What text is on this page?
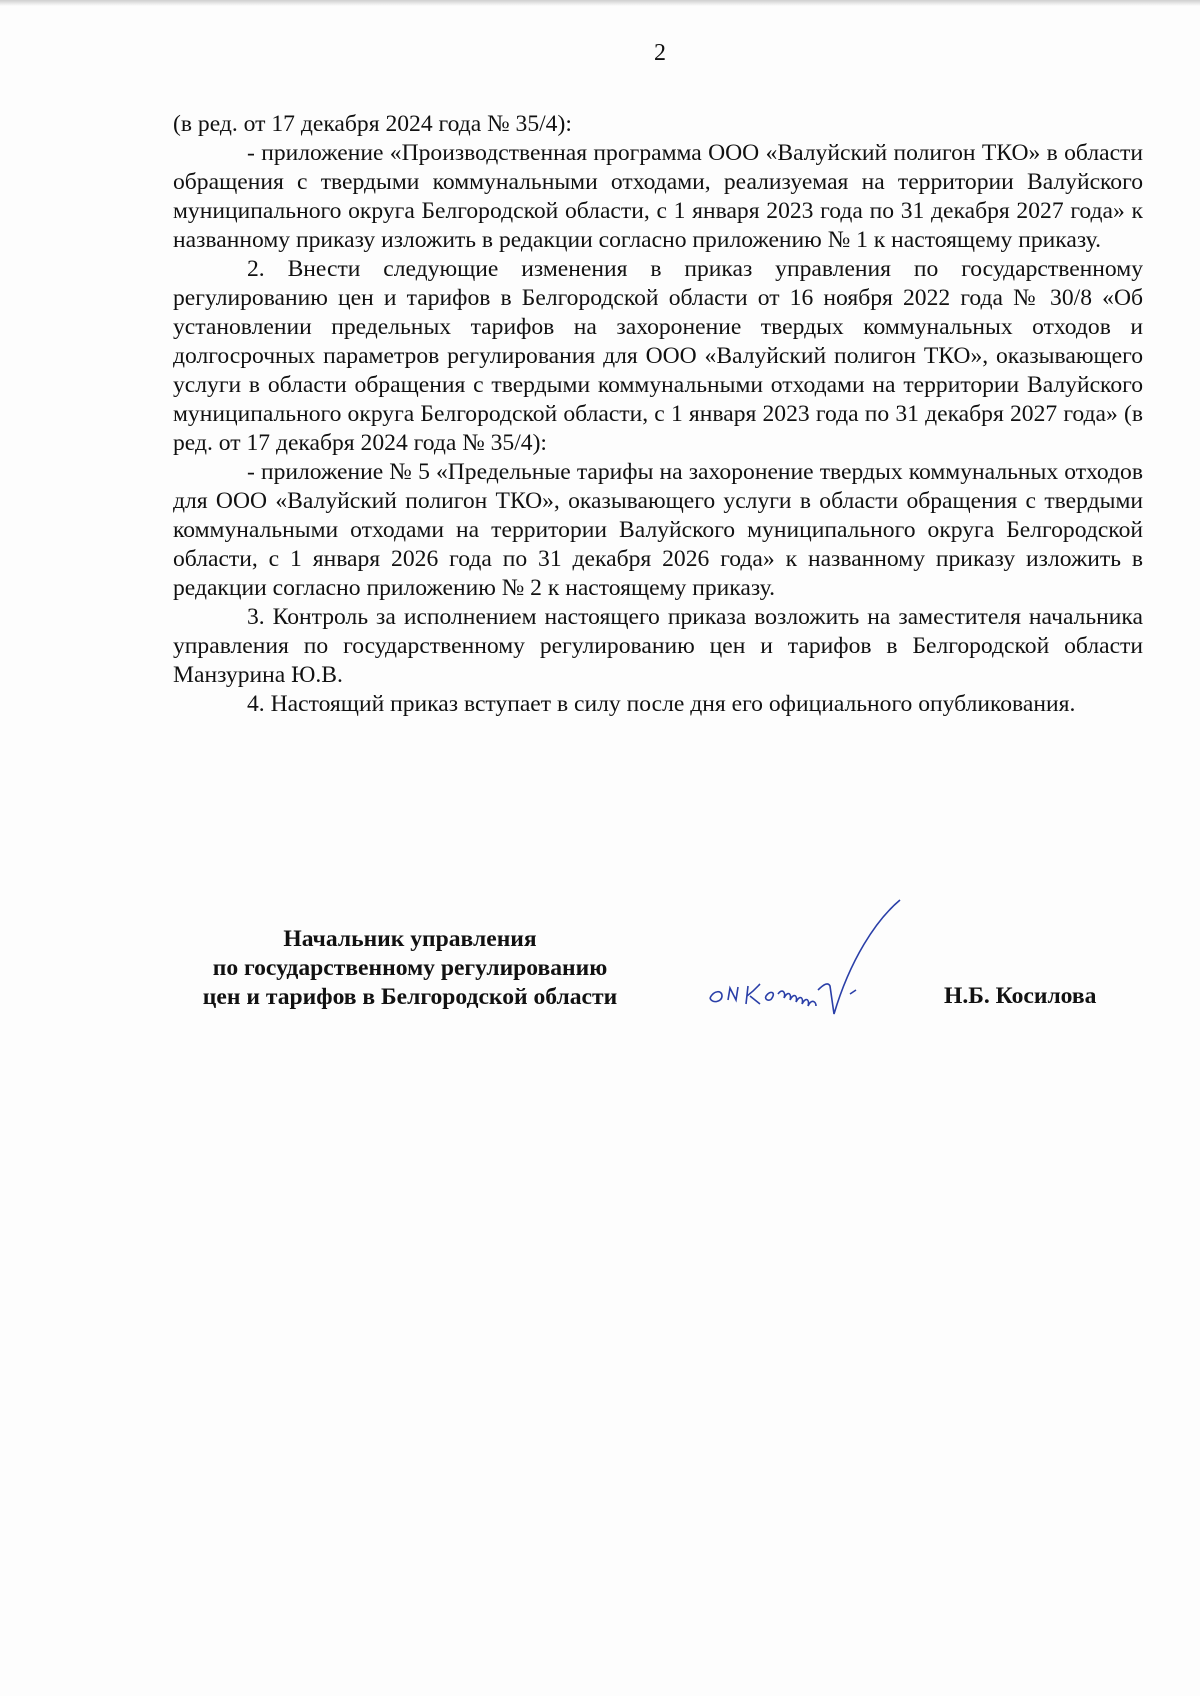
2

(в ред. от 17 декабря 2024 года № 35/4):

- приложение «Производственная программа ООО «Валуйский полигон ТКО» в области обращения с твердыми коммунальными отходами, реализуемая на территории Валуйского муниципального округа Белгородской области, с 1 января 2023 года по 31 декабря 2027 года» к названному приказу изложить в редакции согласно приложению № 1 к настоящему приказу.

2. Внести следующие изменения в приказ управления по государственному регулированию цен и тарифов в Белгородской области от 16 ноября 2022 года № 30/8 «Об установлении предельных тарифов на захоронение твердых коммунальных отходов и долгосрочных параметров регулирования для ООО «Валуйский полигон ТКО», оказывающего услуги в области обращения с твердыми коммунальными отходами на территории Валуйского муниципального округа Белгородской области, с 1 января 2023 года по 31 декабря 2027 года» (в ред. от 17 декабря 2024 года № 35/4):

- приложение № 5 «Предельные тарифы на захоронение твердых коммунальных отходов для ООО «Валуйский полигон ТКО», оказывающего услуги в области обращения с твердыми коммунальными отходами на территории Валуйского муниципального округа Белгородской области, с 1 января 2026 года по 31 декабря 2026 года» к названному приказу изложить в редакции согласно приложению № 2 к настоящему приказу.

3. Контроль за исполнением настоящего приказа возложить на заместителя начальника управления по государственному регулированию цен и тарифов в Белгородской области Манзурина Ю.В.

4. Настоящий приказ вступает в силу после дня его официального опубликования.

Начальник управления
по государственному регулированию
цен и тарифов в Белгородской области	Н.Б. Косилова
